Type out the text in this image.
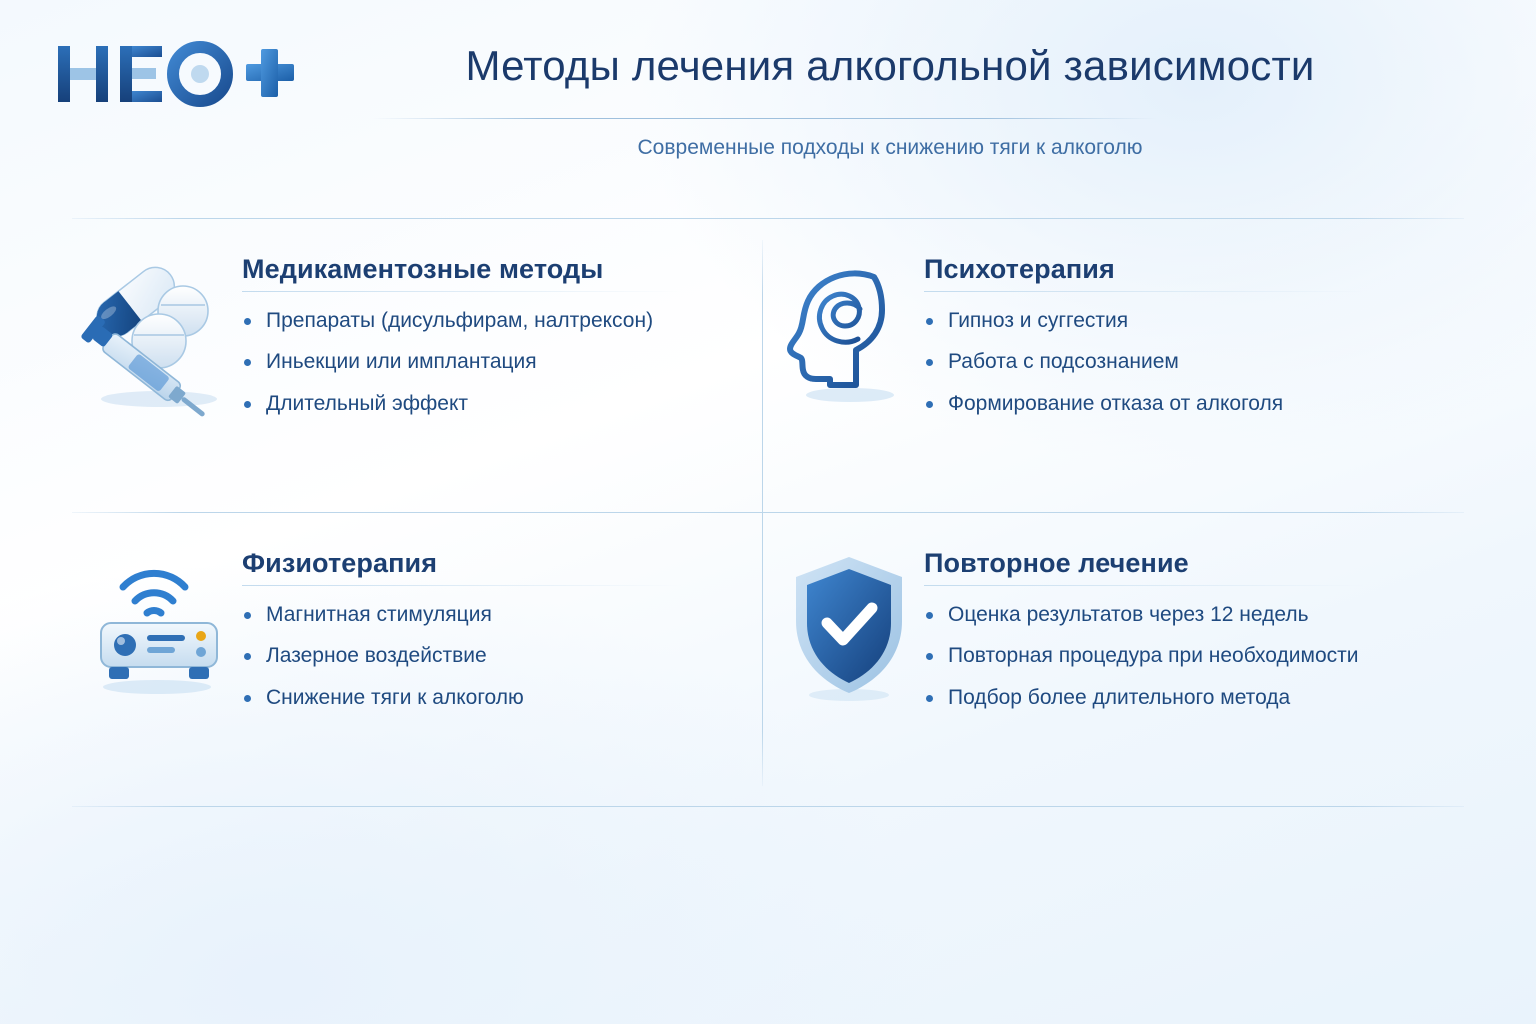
Методы лечения алкогольной зависимости
Современные подходы к снижению тяги к алкоголю
Медикаментозные методы
Препараты (дисульфирам, налтрексон)
Иньекции или имплантация
Длительный эффект
Психотерапия
Гипноз и суггестия
Работа с подсознанием
Формирование отказа от алкоголя
Физиотерапия
Магнитная стимуляция
Лазерное воздействие
Снижение тяги к алкоголю
Повторное лечение
Оценка результатов через 12 недель
Повторная процедура при необходимости
Подбор более длительного метода
